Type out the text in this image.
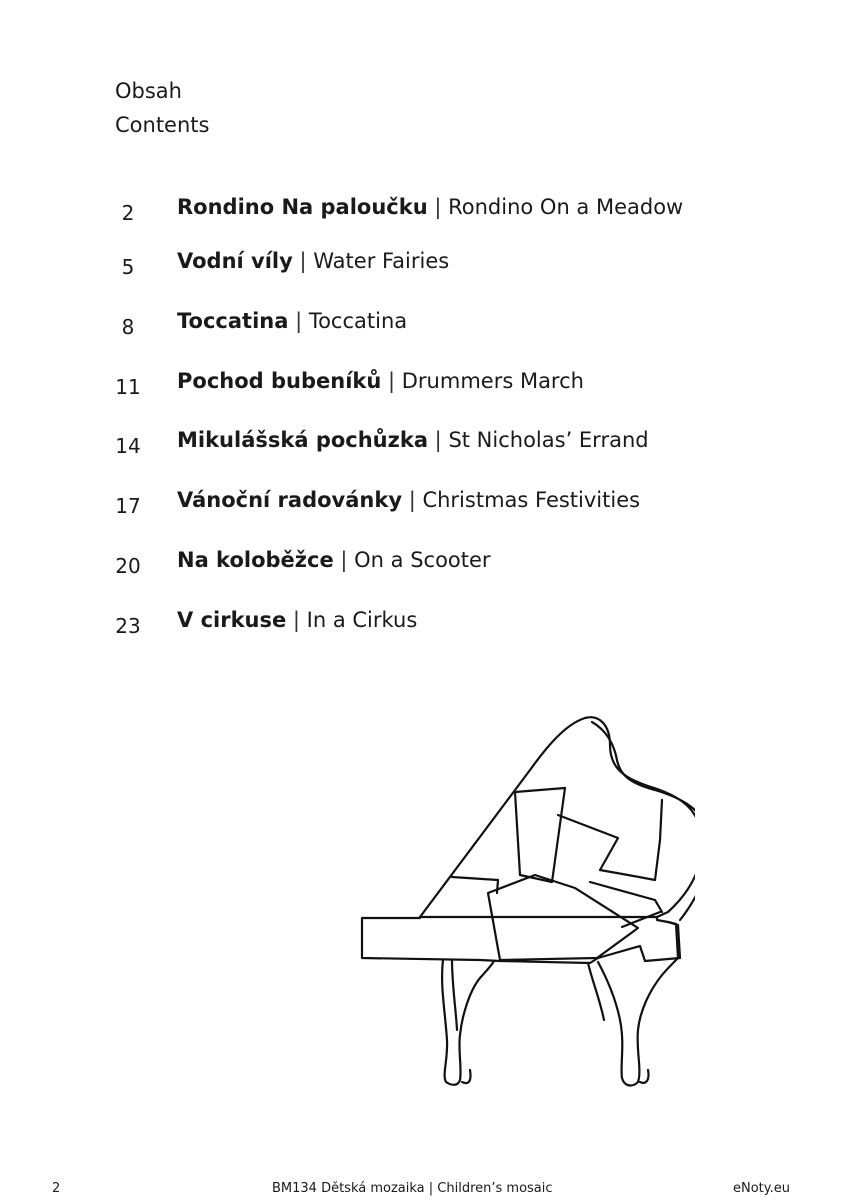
Obsah
Contents
2	Rondino Na paloučku | Rondino On a Meadow
5	Vodní víly | Water Fairies
8	Toccatina | Toccatina
11 Pochod bubeníků | Drummers March
14 Mikulášská pochůzka | St Nicholas’ Errand
17 Vánoční radovánky | Christmas Festivities
20 Na koloběžce | On a Scooter
23 V cirkuse | In a Cirkus
2	BM134 Dětská mozaika | Children’s mosaic	eNoty.eu
